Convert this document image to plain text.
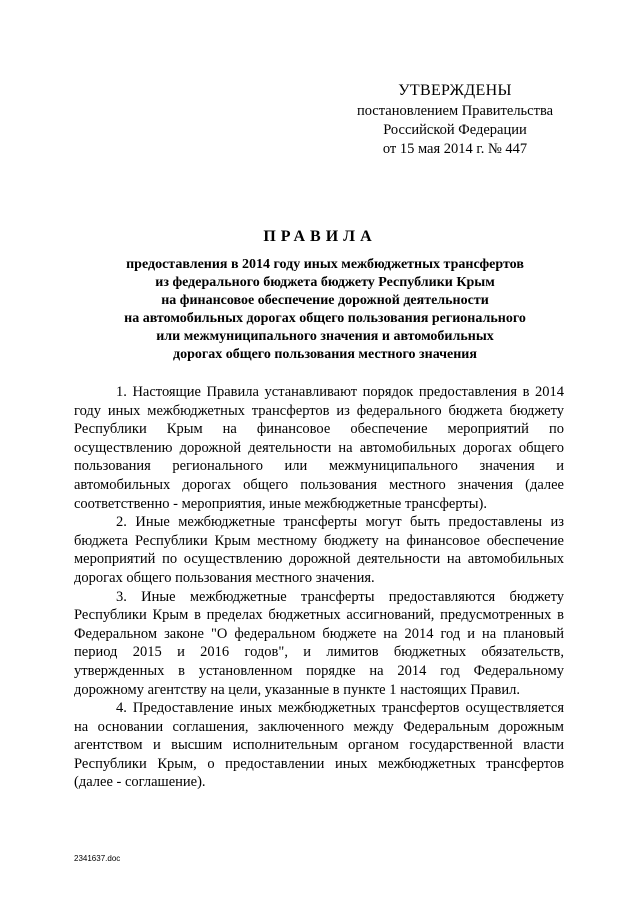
УТВЕРЖДЕНЫ
постановлением Правительства
Российской Федерации
от 15 мая 2014 г. № 447
ПРАВИЛА
предоставления в 2014 году иных межбюджетных трансфертов
из федерального бюджета бюджету Республики Крым
на финансовое обеспечение дорожной деятельности
на автомобильных дорогах общего пользования регионального
или межмуниципального значения и автомобильных
дорогах общего пользования местного значения

1. Настоящие Правила устанавливают порядок предоставления в 2014 году иных межбюджетных трансфертов из федерального бюджета бюджету Республики Крым на финансовое обеспечение мероприятий по осуществлению дорожной деятельности на автомобильных дорогах общего пользования регионального или межмуниципального значения и автомобильных дорогах общего пользования местного значения (далее соответственно - мероприятия, иные межбюджетные трансферты).

2. Иные межбюджетные трансферты могут быть предоставлены из бюджета Республики Крым местному бюджету на финансовое обеспечение мероприятий по осуществлению дорожной деятельности на автомобильных дорогах общего пользования местного значения.

3. Иные межбюджетные трансферты предоставляются бюджету Республики Крым в пределах бюджетных ассигнований, предусмотренных в Федеральном законе "О федеральном бюджете на 2014 год и на плановый период 2015 и 2016 годов", и лимитов бюджетных обязательств, утвержденных в установленном порядке на 2014 год Федеральному дорожному агентству на цели, указанные в пункте 1 настоящих Правил.

4. Предоставление иных межбюджетных трансфертов осуществляется на основании соглашения, заключенного между Федеральным дорожным агентством и высшим исполнительным органом государственной власти Республики Крым, о предоставлении иных межбюджетных трансфертов (далее - соглашение).

2341637.doc
